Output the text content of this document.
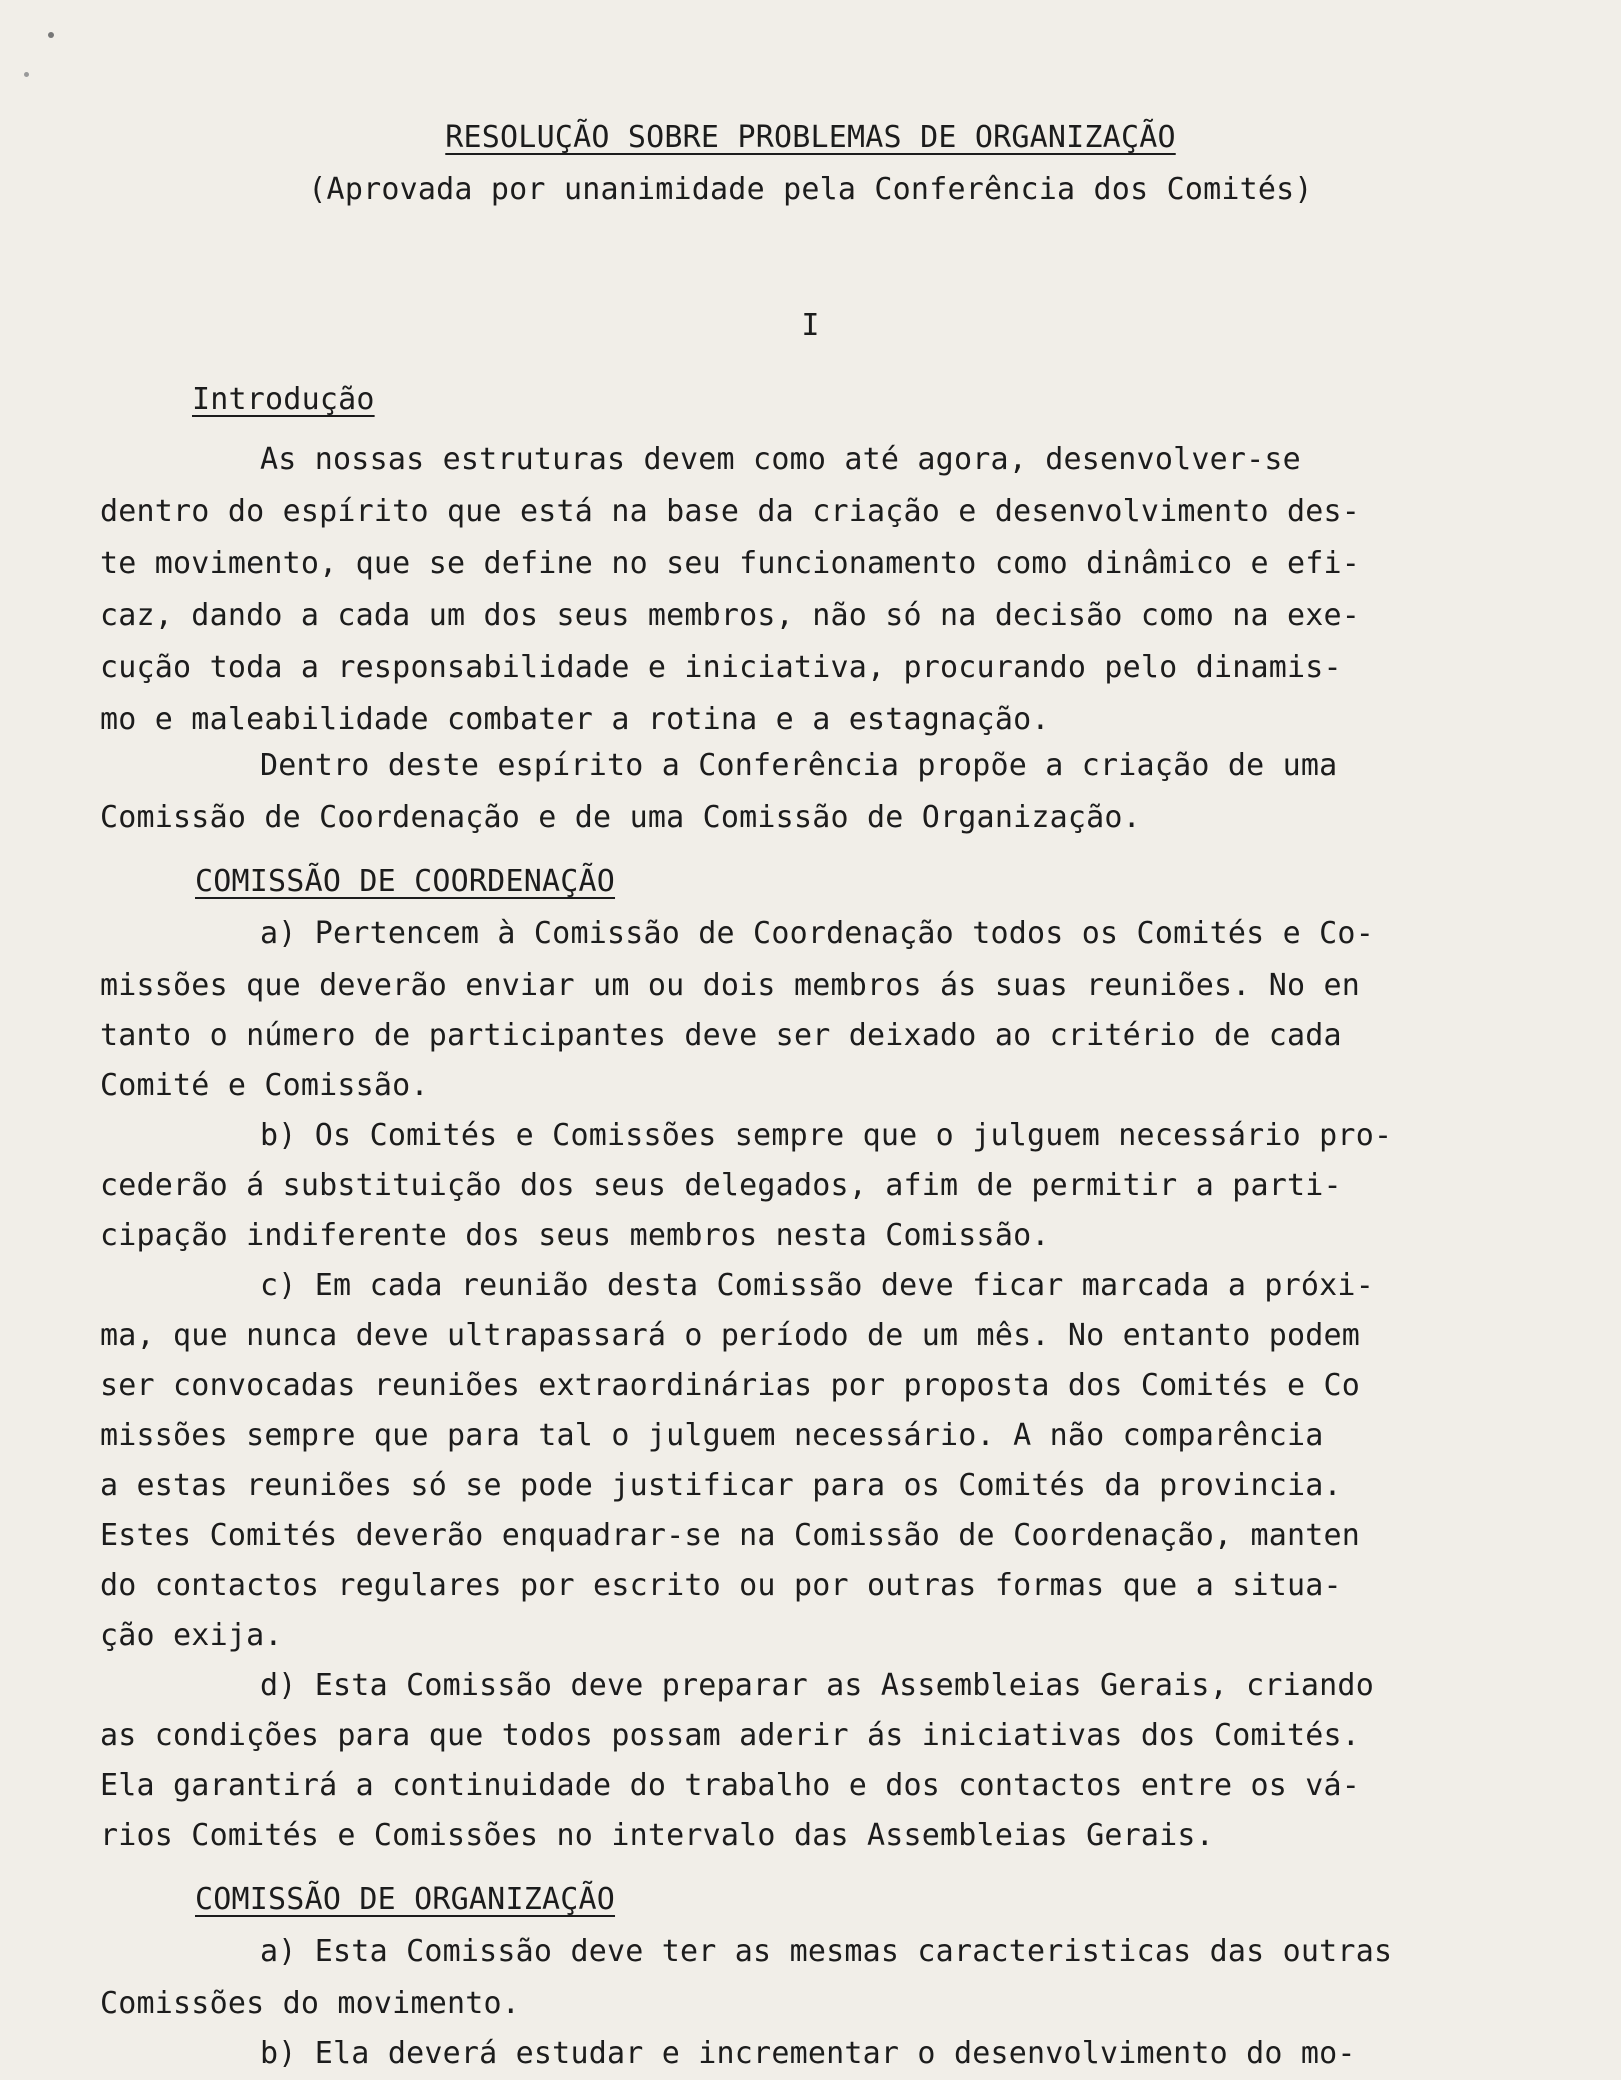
RESOLUÇÃO SOBRE PROBLEMAS DE ORGANIZAÇÃO
(Aprovada por unanimidade pela Conferência dos Comités)
I
Introdução
As nossas estruturas devem como até agora, desenvolver-se
dentro do espírito que está na base da criação e desenvolvimento des-
te movimento, que se define no seu funcionamento como dinâmico e efi-
caz, dando a cada um dos seus membros, não só na decisão como na exe-
cução toda a responsabilidade e iniciativa, procurando pelo dinamis-
mo e maleabilidade combater a rotina e a estagnação.
Dentro deste espírito a Conferência propõe a criação de uma
Comissão de Coordenação e de uma Comissão de Organização.
COMISSÃO DE COORDENAÇÃO
a) Pertencem à Comissão de Coordenação todos os Comités e Co-
missões que deverão enviar um ou dois membros ás suas reuniões. No en
tanto o número de participantes deve ser deixado ao critério de cada
Comité e Comissão.
b) Os Comités e Comissões sempre que o julguem necessário pro-
cederão á substituição dos seus delegados, afim de permitir a parti-
cipação indiferente dos seus membros nesta Comissão.
c) Em cada reunião desta Comissão deve ficar marcada a próxi-
ma, que nunca deve ultrapassará o período de um mês. No entanto podem
ser convocadas reuniões extraordinárias por proposta dos Comités e Co
missões sempre que para tal o julguem necessário. A não comparência
a estas reuniões só se pode justificar para os Comités da provincia.
Estes Comités deverão enquadrar-se na Comissão de Coordenação, manten
do contactos regulares por escrito ou por outras formas que a situa-
ção exija.
d) Esta Comissão deve preparar as Assembleias Gerais, criando
as condições para que todos possam aderir ás iniciativas dos Comités.
Ela garantirá a continuidade do trabalho e dos contactos entre os vá-
rios Comités e Comissões no intervalo das Assembleias Gerais.
COMISSÃO DE ORGANIZAÇÃO
a) Esta Comissão deve ter as mesmas caracteristicas das outras
Comissões do movimento.
b) Ela deverá estudar e incrementar o desenvolvimento do mo-
